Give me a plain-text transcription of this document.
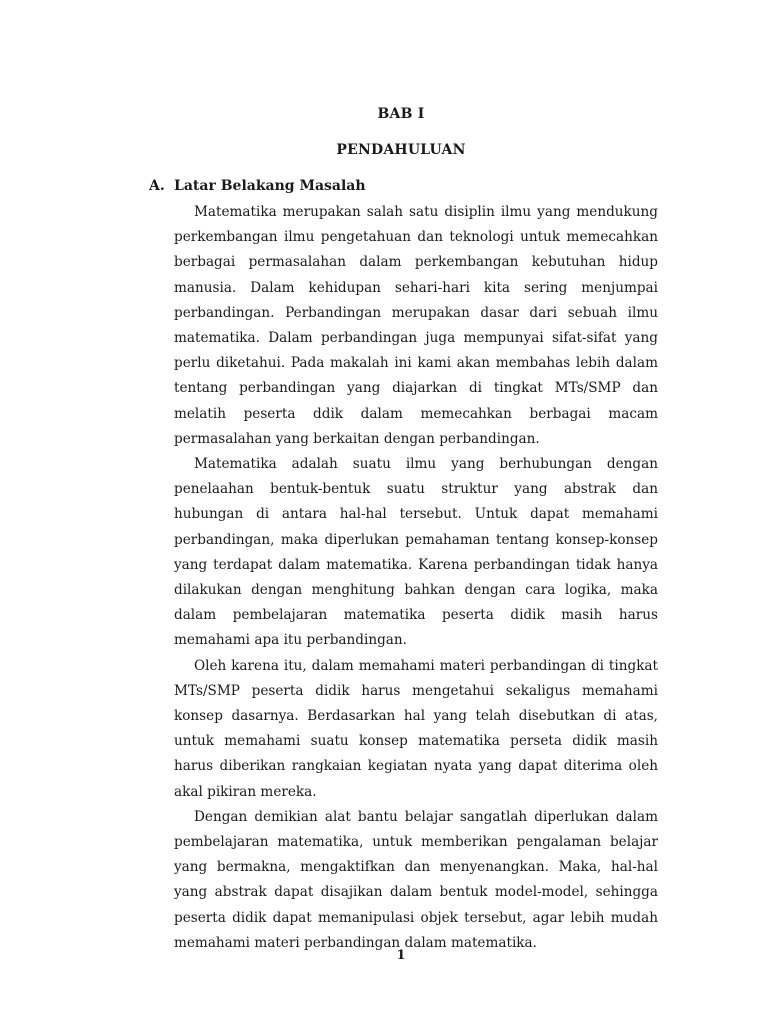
BAB I
PENDAHULUAN
A. Latar Belakang Masalah

Matematika merupakan salah satu disiplin ilmu yang mendukung perkembangan ilmu pengetahuan dan teknologi untuk memecahkan berbagai permasalahan dalam perkembangan kebutuhan hidup manusia. Dalam kehidupan sehari-hari kita sering menjumpai perbandingan. Perbandingan merupakan dasar dari sebuah ilmu matematika. Dalam perbandingan juga mempunyai sifat-sifat yang perlu diketahui. Pada makalah ini kami akan membahas lebih dalam tentang perbandingan yang diajarkan di tingkat MTs/SMP dan melatih peserta ddik dalam memecahkan berbagai macam permasalahan yang berkaitan dengan perbandingan.

Matematika adalah suatu ilmu yang berhubungan dengan penelaahan bentuk-bentuk suatu struktur yang abstrak dan hubungan di antara hal-hal tersebut. Untuk dapat memahami perbandingan, maka diperlukan pemahaman tentang konsep-konsep yang terdapat dalam matematika. Karena perbandingan tidak hanya dilakukan dengan menghitung bahkan dengan cara logika, maka dalam pembelajaran matematika peserta didik masih harus memahami apa itu perbandingan.

Oleh karena itu, dalam memahami materi perbandingan di tingkat MTs/SMP peserta didik harus mengetahui sekaligus memahami konsep dasarnya. Berdasarkan hal yang telah disebutkan di atas, untuk memahami suatu konsep matematika perseta didik masih harus diberikan rangkaian kegiatan nyata yang dapat diterima oleh akal pikiran mereka.

Dengan demikian alat bantu belajar sangatlah diperlukan dalam pembelajaran matematika, untuk memberikan pengalaman belajar yang bermakna, mengaktifkan dan menyenangkan. Maka, hal-hal yang abstrak dapat disajikan dalam bentuk model-model, sehingga peserta didik dapat memanipulasi objek tersebut, agar lebih mudah memahami materi perbandingan dalam matematika.

1
